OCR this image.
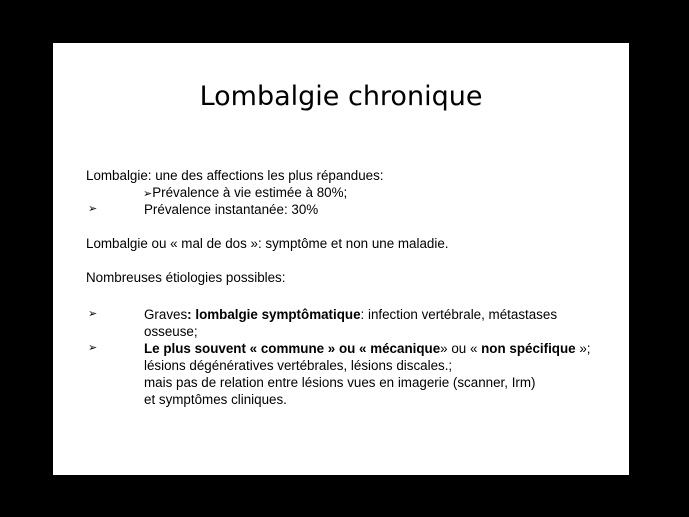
Lombalgie chronique
Lombalgie: une des affections les plus répandues:
➢Prévalence à vie estimée à 80%;
➢	Prévalence instantanée: 30%
Lombalgie ou « mal de dos »: symptôme et non une maladie.
Nombreuses étiologies possibles:
➢	Graves: lombalgie symptômatique: infection vertébrale, métastases
osseuse;
➢	Le plus souvent « commune » ou « mécanique» ou « non spécifique »;
lésions dégénératives vertébrales, lésions discales.;
mais pas de relation entre lésions vues en imagerie (scanner, Irm)
et symptômes cliniques.
